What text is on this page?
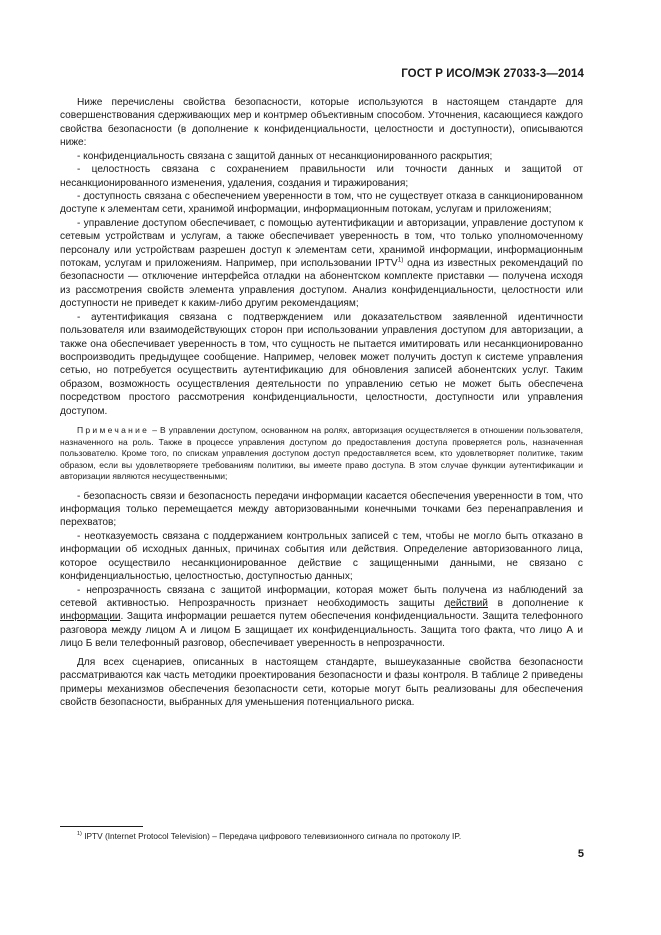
ГОСТ Р ИСО/МЭК 27033-3—2014

Ниже перечислены свойства безопасности, которые используются в настоящем стандарте для совершенствования сдерживающих мер и контрмер объективным способом. Уточнения, касающиеся каждого свойства безопасности (в дополнение к конфиденциальности, целостности и доступности), описываются ниже:

- конфиденциальность связана с защитой данных от несанкционированного раскрытия;

- целостность связана с сохранением правильности или точности данных и защитой от несанкционированного изменения, удаления, создания и тиражирования;

- доступность связана с обеспечением уверенности в том, что не существует отказа в санкционированном доступе к элементам сети, хранимой информации, информационным потокам, услугам и приложениям;

- управление доступом обеспечивает, с помощью аутентификации и авторизации, управление доступом к сетевым устройствам и услугам, а также обеспечивает уверенность в том, что только уполномоченному персоналу или устройствам разрешен доступ к элементам сети, хранимой информации, информационным потокам, услугам и приложениям. Например, при использовании IPTV$^{1)}$ одна из известных рекомендаций по безопасности — отключение интерфейса отладки на абонентском комплекте приставки — получена исходя из рассмотрения свойств элемента управления доступом. Анализ конфиденциальности, целостности или доступности не приведет к каким-либо другим рекомендациям;

- аутентификация связана с подтверждением или доказательством заявленной идентичности пользователя или взаимодействующих сторон при использовании управления доступом для авторизации, а также она обеспечивает уверенность в том, что сущность не пытается имитировать или несанкционированно воспроизводить предыдущее сообщение. Например, человек может получить доступ к системе управления сетью, но потребуется осуществить аутентификацию для обновления записей абонентских услуг. Таким образом, возможность осуществления деятельности по управлению сетью не может быть обеспечена посредством простого рассмотрения конфиденциальности, целостности, доступности или управления доступом.

Примечание – В управлении доступом, основанном на ролях, авторизация осуществляется в отношении пользователя, назначенного на роль. Также в процессе управления доступом до предоставления доступа проверяется роль, назначенная пользователю. Кроме того, по спискам управления доступом доступ предоставляется всем, кто удовлетворяет политике, таким образом, если вы удовлетворяете требованиям политики, вы имеете право доступа. В этом случае функции аутентификации и авторизации являются несущественными;

- безопасность связи и безопасность передачи информации касается обеспечения уверенности в том, что информация только перемещается между авторизованными конечными точками без перенаправления и перехватов;

- неотказуемость связана с поддержанием контрольных записей с тем, чтобы не могло быть отказано в информации об исходных данных, причинах события или действия. Определение авторизованного лица, которое осуществило несанкционированное действие с защищенными данными, не связано с конфиденциальностью, целостностью, доступностью данных;

- непрозрачность связана с защитой информации, которая может быть получена из наблюдений за сетевой активностью. Непрозрачность признает необходимость защиты действий в дополнение к информации. Защита информации решается путем обеспечения конфиденциальности. Защита телефонного разговора между лицом А и лицом Б защищает их конфиденциальность. Защита того факта, что лицо А и лицо Б вели телефонный разговор, обеспечивает уверенность в непрозрачности.

Для всех сценариев, описанных в настоящем стандарте, вышеуказанные свойства безопасности рассматриваются как часть методики проектирования безопасности и фазы контроля. В таблице 2 приведены примеры механизмов обеспечения безопасности сети, которые могут быть реализованы для обеспечения свойств безопасности, выбранных для уменьшения потенциального риска.

$^{1)}$ IPTV (Internet Protocol Television) – Передача цифрового телевизионного сигнала по протоколу IP.
5
